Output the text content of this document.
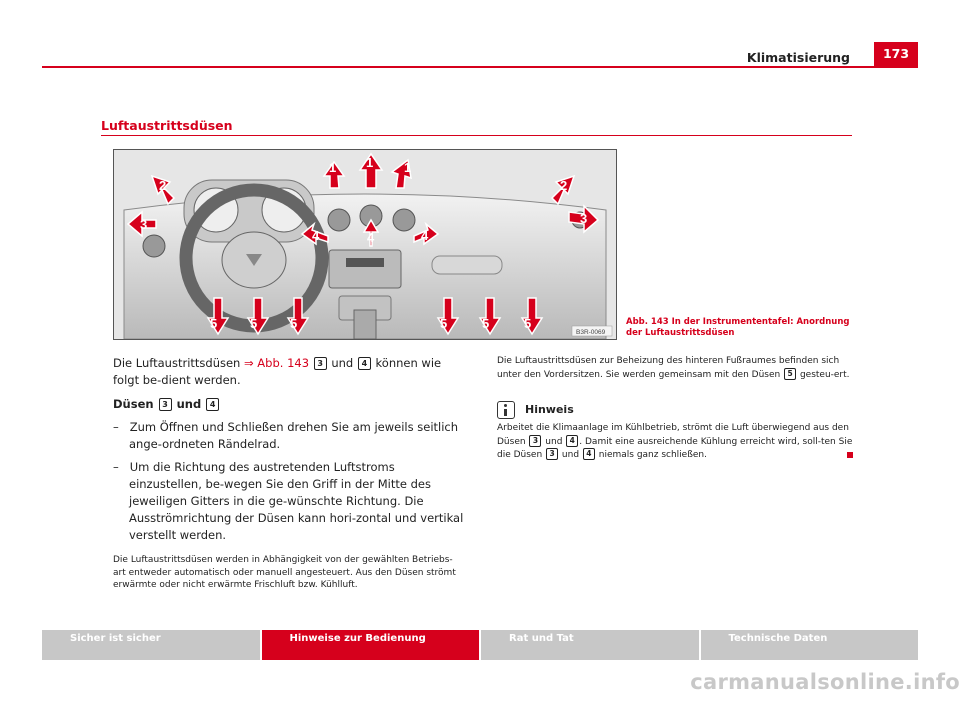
173
Klimatisierung
Luftaustrittsdüsen
1 1 1
2	2
3	3
4	4	4
5	5	5	5	5	5
B3R-0069
Abb. 143 In der Instrumententafel: Anordnung der Luftaustrittsdüsen

Die Luftaustrittsdüsen ⇒ Abb. 143 3 und 4 können wie folgt be-dient werden.

Düsen 3 und 4

– Zum Öffnen und Schließen drehen Sie am jeweils seitlich ange-ordneten Rändelrad.

– Um die Richtung des austretenden Luftstroms einzustellen, be-wegen Sie den Griff in der Mitte des jeweiligen Gitters in die ge-wünschte Richtung. Die Ausströmrichtung der Düsen kann hori-zontal und vertikal verstellt werden.

Die Luftaustrittsdüsen werden in Abhängigkeit von der gewählten Betriebs-art entweder automatisch oder manuell angesteuert. Aus den Düsen strömt erwärmte oder nicht erwärmte Frischluft bzw. Kühlluft.

Die Luftaustrittsdüsen zur Beheizung des hinteren Fußraumes befinden sich unter den Vordersitzen. Sie werden gemeinsam mit den Düsen 5 gesteu-ert.

Hinweis

Arbeitet die Klimaanlage im Kühlbetrieb, strömt die Luft überwiegend aus den Düsen 3 und 4 . Damit eine ausreichende Kühlung erreicht wird, soll-ten Sie die Düsen 3 und 4 niemals ganz schließen.

Sicher ist sicher	Hinweise zur Bedienung	Rat und Tat	Technische Daten
carmanualsonline.info
